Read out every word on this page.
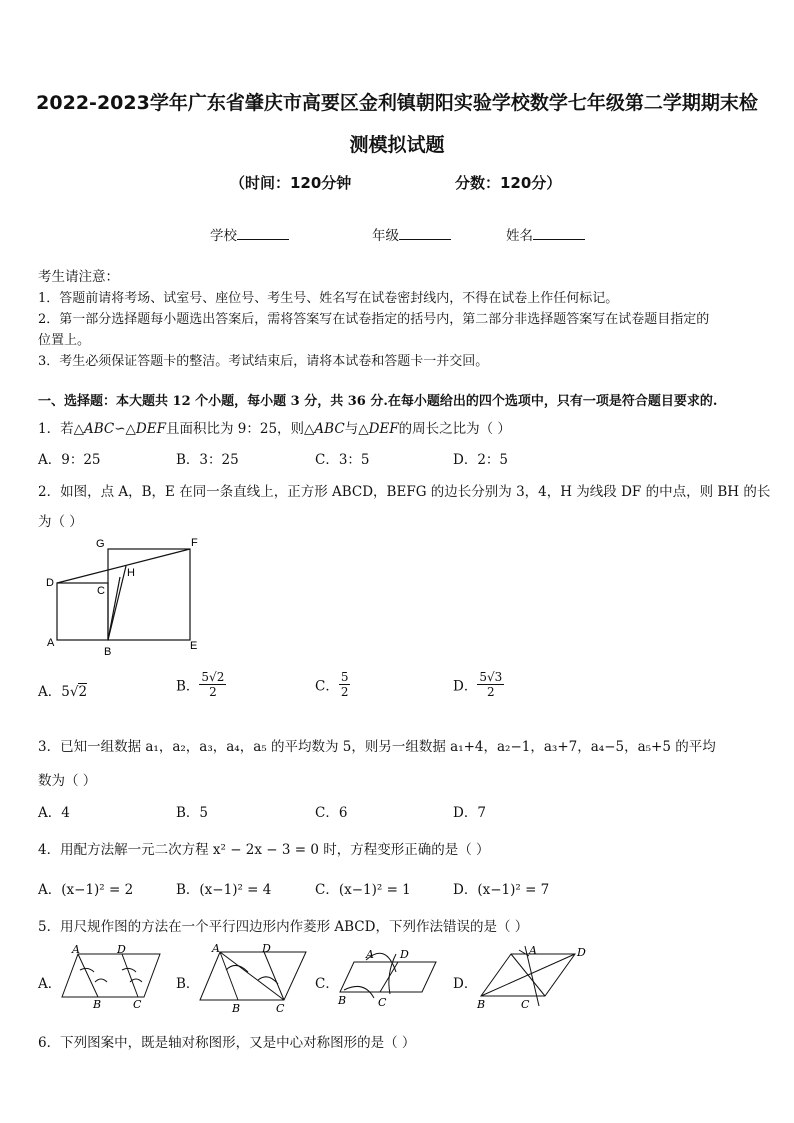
2022-2023学年广东省肇庆市高要区金利镇朝阳实验学校数学七年级第二学期期末检
测模拟试题
（时间：120分钟	分数：120分）
学校	年级	姓名
考生请注意：
1．答题前请将考场、试室号、座位号、考生号、姓名写在试卷密封线内，不得在试卷上作任何标记。
2．第一部分选择题每小题选出答案后，需将答案写在试卷指定的括号内，第二部分非选择题答案写在试卷题目指定的
位置上。
3．考生必须保证答题卡的整洁。考试结束后，请将本试卷和答题卡一并交回。
一、选择题：本大题共 12 个小题，每小题 3 分，共 36 分.在每小题给出的四个选项中，只有一项是符合题目要求的.
1．若△ABC∽△DEF且面积比为 9：25，则△ABC与△DEF的周长之比为（ ）
A．9：25	B．3：25	C．3：5	D．2：5
2．如图，点 A，B，E 在同一条直线上，正方形 ABCD，BEFG 的边长分别为 3，4，H 为线段 DF 的中点，则 BH 的长
为（ ）
G	F
D
C
H
A
B	E
A．5√2	B． $\frac{5√2}{2}$	C． $\frac{5}{2}$	D． $\frac{5√3}{2}$
3．已知一组数据 a₁，a₂，a₃，a₄，a₅ 的平均数为 5，则另一组数据 a₁+4，a₂−1，a₃+7，a₄−5，a₅+5 的平均
数为（ ）
A．4	B．5	C．6	D．7
4．用配方法解一元二次方程 x² − 2x − 3 = 0 时，方程变形正确的是（ ）
A．(x−1)² = 2	B．(x−1)² = 4	C．(x−1)² = 1	D．(x−1)² = 7
5．用尺规作图的方法在一个平行四边形内作菱形 ABCD，下列作法错误的是（ ）
A．
A	D
B	C
B．
A	D
B	C
C．
A D
B	C
D．
A	D
B	C
6．下列图案中，既是轴对称图形，又是中心对称图形的是（ ）
